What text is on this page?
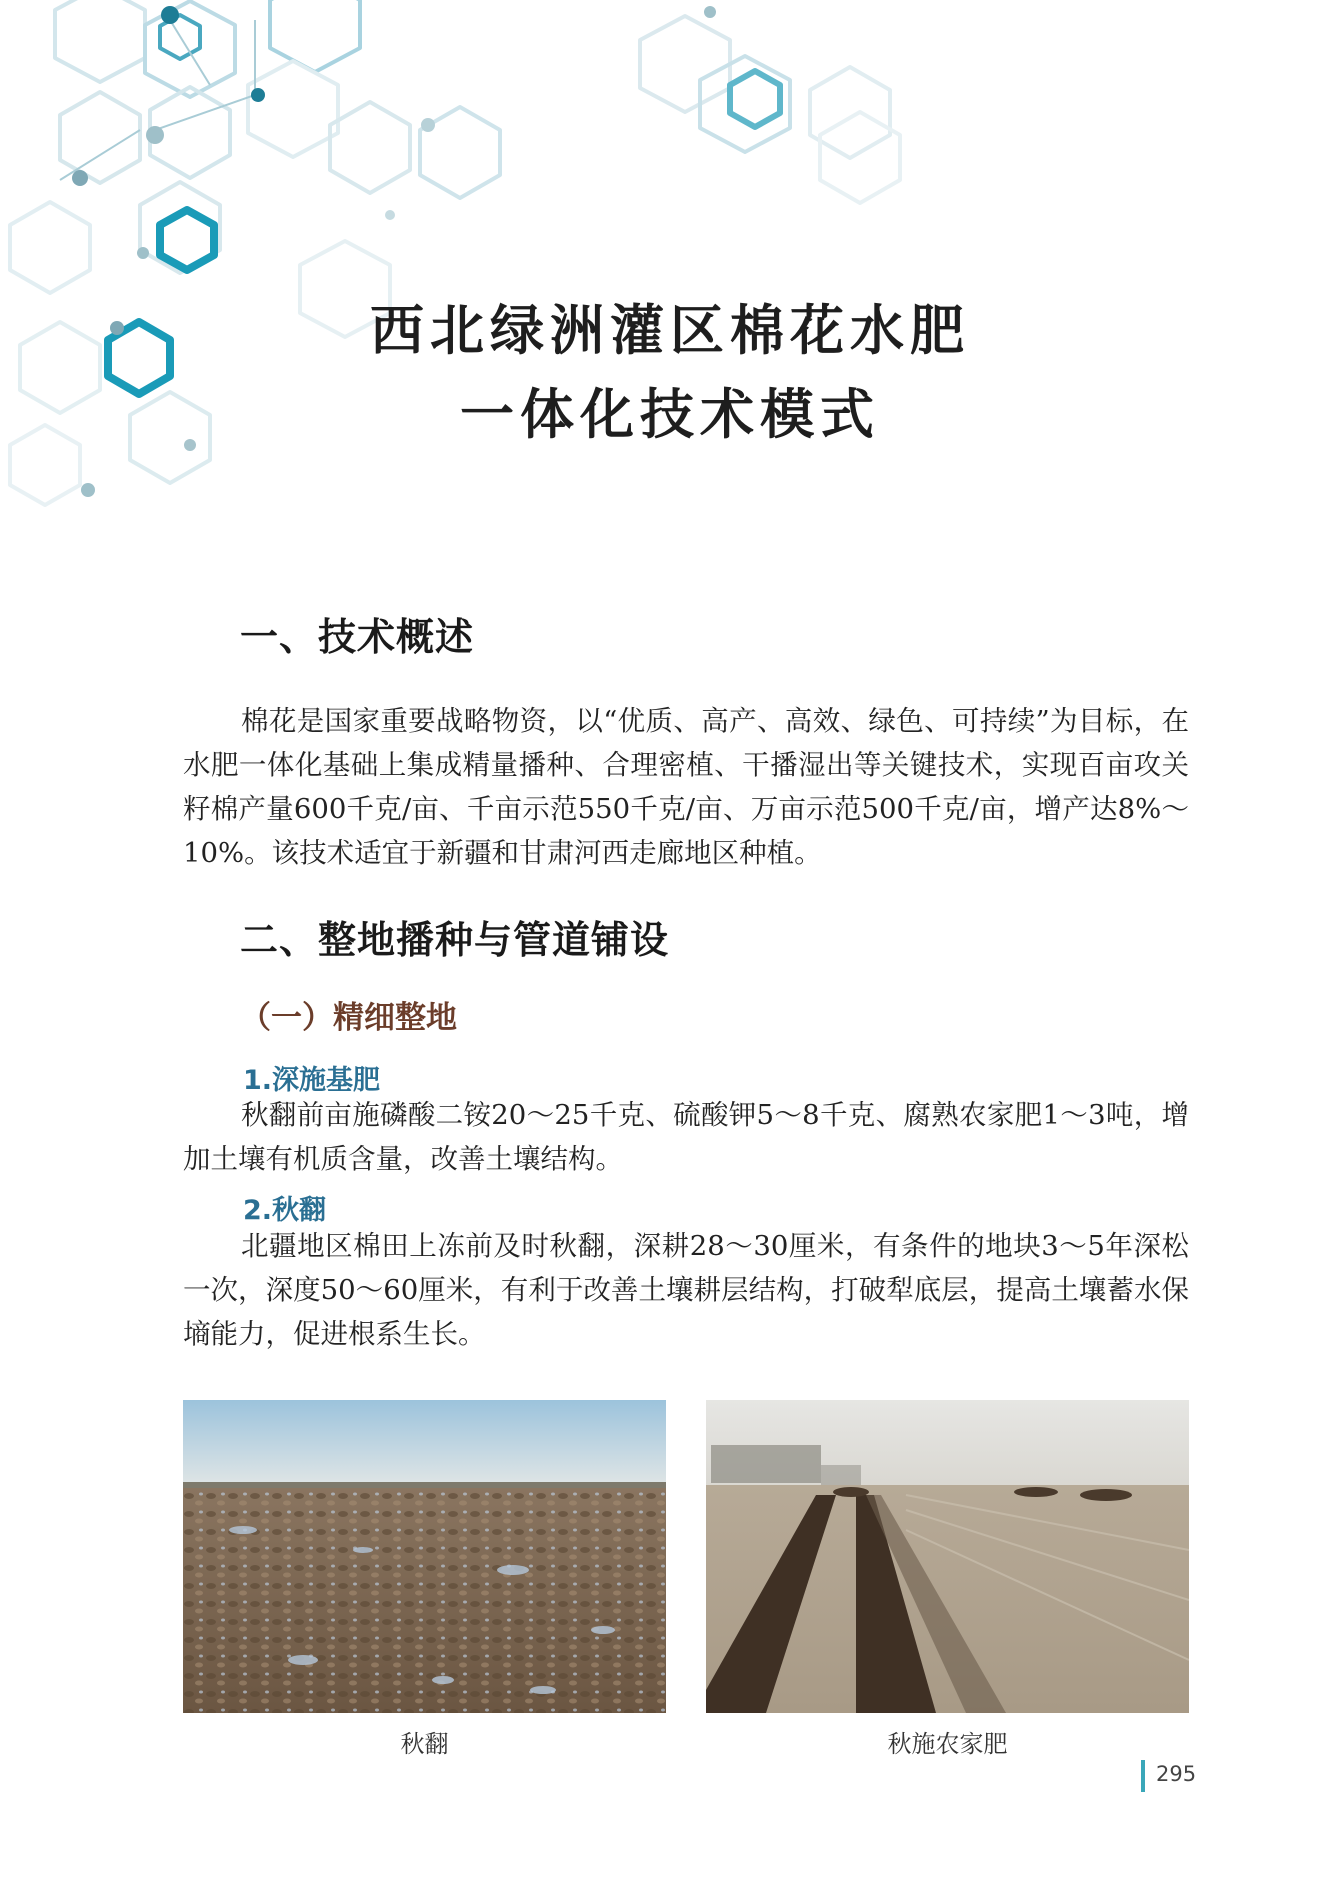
西北绿洲灌区棉花水肥
一体化技术模式
一、技术概述

棉花是国家重要战略物资，以“优质、高产、高效、绿色、可持续”为目标，在水肥一体化基础上集成精量播种、合理密植、干播湿出等关键技术，实现百亩攻关籽棉产量600千克/亩、千亩示范550千克/亩、万亩示范500千克/亩，增产达8%～10%。该技术适宜于新疆和甘肃河西走廊地区种植。

二、整地播种与管道铺设
（一）精细整地
1.深施基肥

秋翻前亩施磷酸二铵20～25千克、硫酸钾5～8千克、腐熟农家肥1～3吨，增加土壤有机质含量，改善土壤结构。

2.秋翻

北疆地区棉田上冻前及时秋翻，深耕28～30厘米，有条件的地块3～5年深松一次，深度50～60厘米，有利于改善土壤耕层结构，打破犁底层，提高土壤蓄水保墒能力，促进根系生长。

秋翻	秋施农家肥

295
